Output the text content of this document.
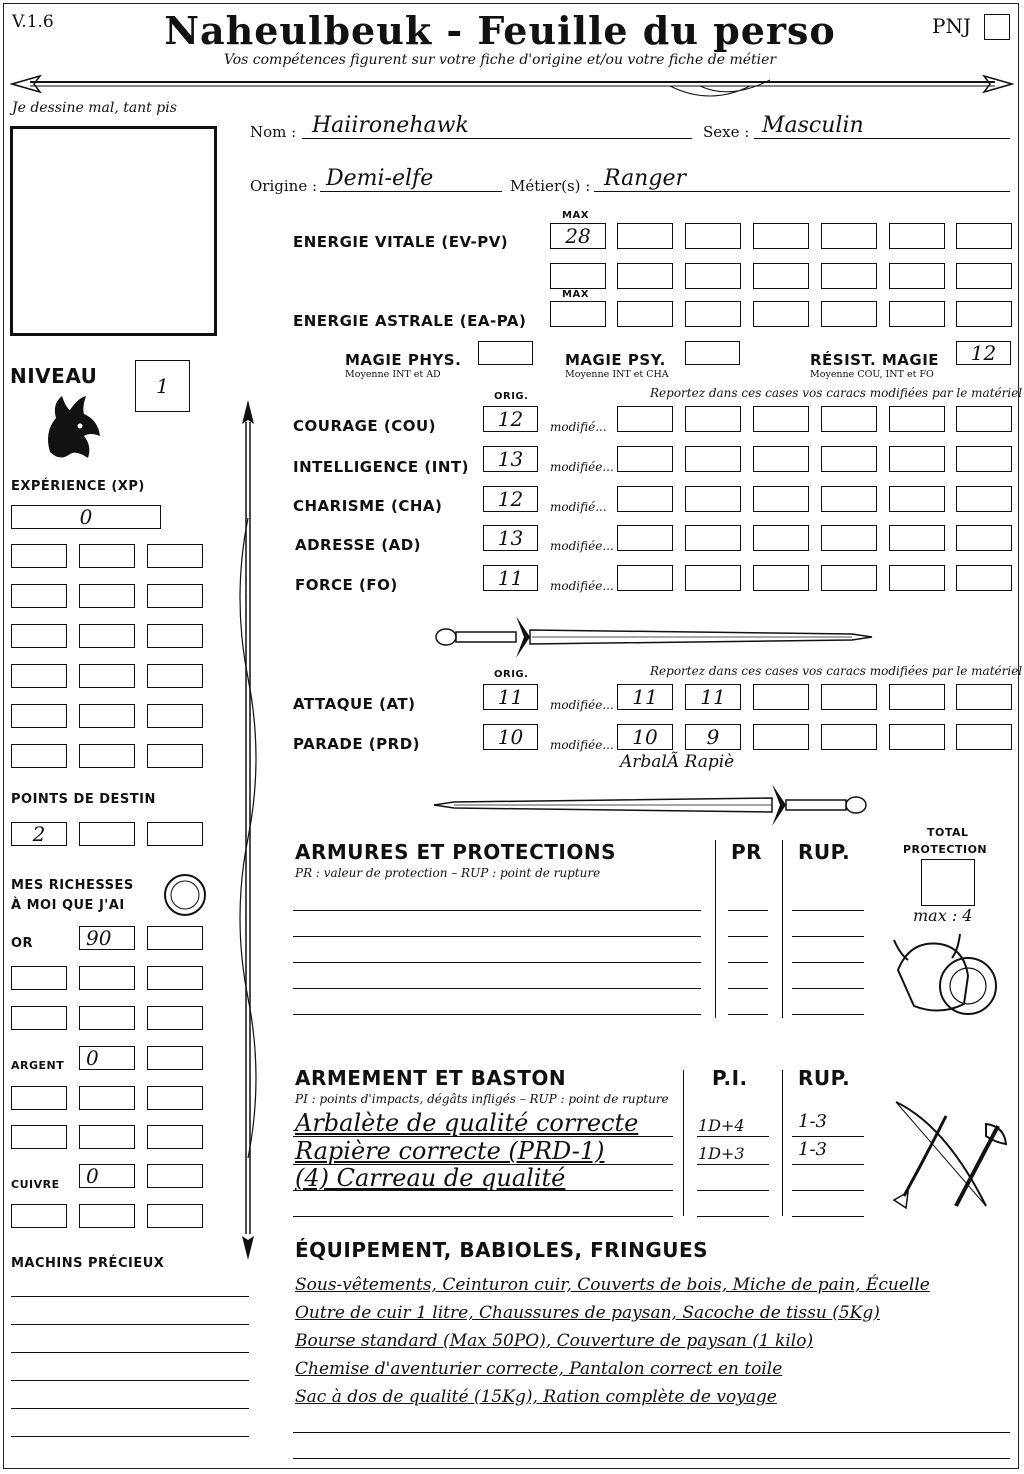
V.1.6	Naheulbeuk - Feuille du perso
Vos compétences figurent sur votre fiche d'origine et/ou votre fiche de métier
PNJ
Je dessine mal, tant pis
Nom : Haiironehawk	Sexe : Masculin
Origine : Demi-elfe	Métier(s) : Ranger
MAX
ENERGIE VITALE (EV-PV)	28
MAX
ENERGIE ASTRALE (EA-PA)
MAGIE PHYS.
Moyenne INT et AD
MAGIE PSY.
Moyenne INT et CHA
RÉSIST. MAGIE
Moyenne COU, INT et FO
12
ORIG.	Reportez dans ces cases vos caracs modifiées par le matériel
COURAGE (COU)	12	modifié...
INTELLIGENCE (INT)	13	modifiée...
CHARISME (CHA)	12	modifié...
ADRESSE (AD)	13	modifiée...
FORCE (FO)	11	modifiée...
ORIG.	Reportez dans ces cases vos caracs modifiées par le matériel
ATTAQUE (AT)	11	modifiée... 11	11
PARADE (PRD)	10	modifiée... 10	9
ArbalÃ Rapiè
NIVEAU	1
EXPÉRIENCE (XP)
0
POINTS DE DESTIN
2
MES RICHESSES
À MOI QUE J'AI
OR	90
ARGENT	0
CUIVRE	0
MACHINS PRÉCIEUX
ARMURES ET PROTECTIONS
PR : valeur de protection – RUP : point de rupture
PR RUP.
TOTAL
PROTECTION
max : 4
ARMEMENT ET BASTON
PI : points d'impacts, dégâts infligés – RUP : point de rupture
P.I.	RUP.
Arbalète de qualité correcte	1D+4	1-3
Rapière correcte (PRD-1)	1D+3	1-3
(4) Carreau de qualité
ÉQUIPEMENT, BABIOLES, FRINGUES
Sous-vêtements, Ceinturon cuir, Couverts de bois, Miche de pain, Écuelle
Outre de cuir 1 litre, Chaussures de paysan, Sacoche de tissu (5Kg)
Bourse standard (Max 50PO), Couverture de paysan (1 kilo)
Chemise d'aventurier correcte, Pantalon correct en toile
Sac à dos de qualité (15Kg), Ration complète de voyage
